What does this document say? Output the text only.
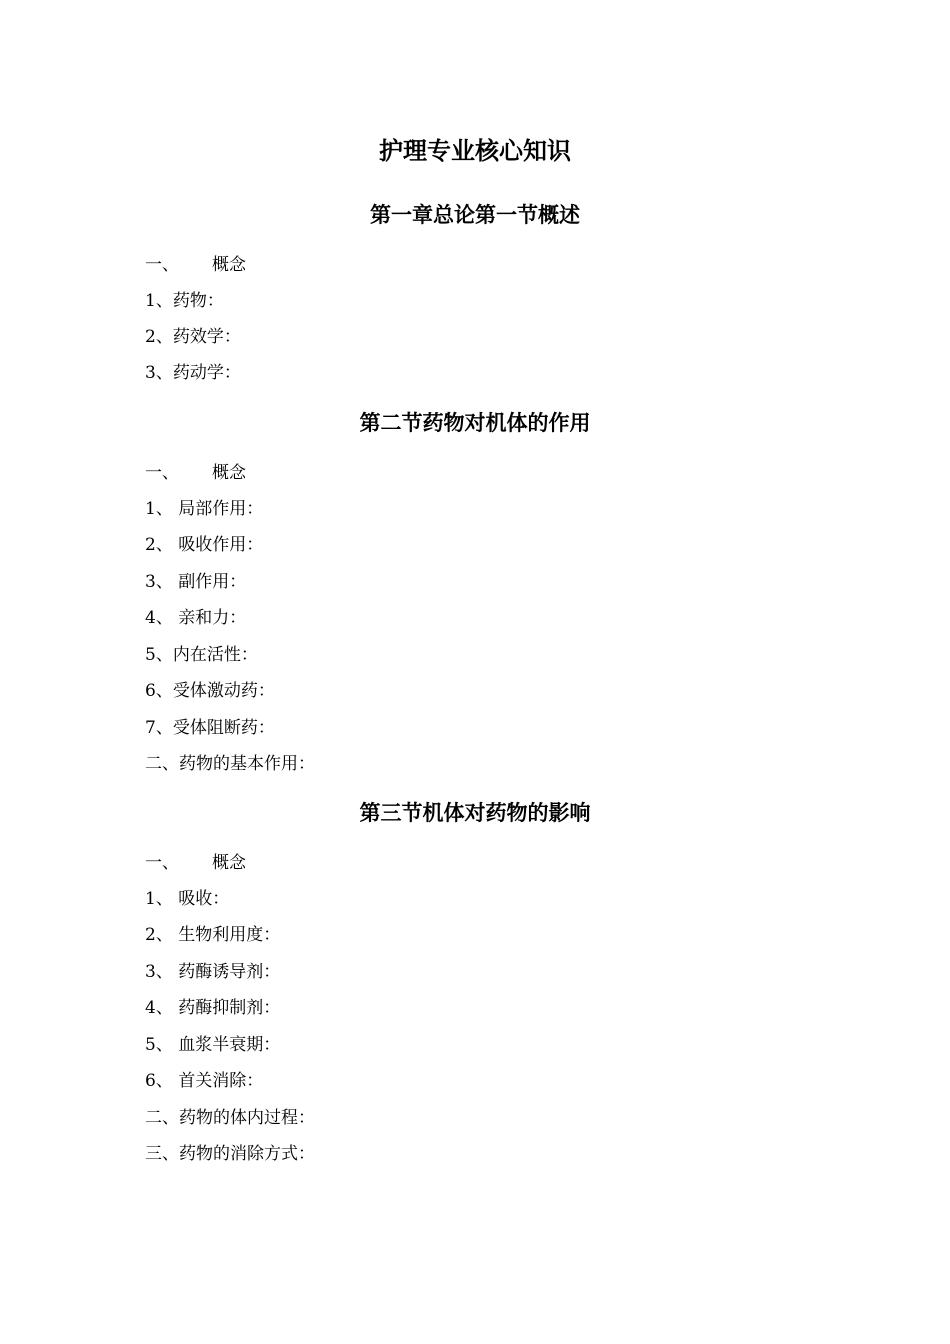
护理专业核心知识
第一章总论第一节概述
一、 概念
1、药物：
2、药效学：
3、药动学：
第二节药物对机体的作用
一、 概念
1、 局部作用：
2、 吸收作用：
3、 副作用：
4、 亲和力：
5、内在活性：
6、受体激动药：
7、受体阻断药：
二、药物的基本作用：
第三节机体对药物的影响
一、 概念
1、 吸收：
2、 生物利用度：
3、 药酶诱导剂：
4、 药酶抑制剂：
5、 血浆半衰期：
6、 首关消除：
二、药物的体内过程：
三、药物的消除方式：
